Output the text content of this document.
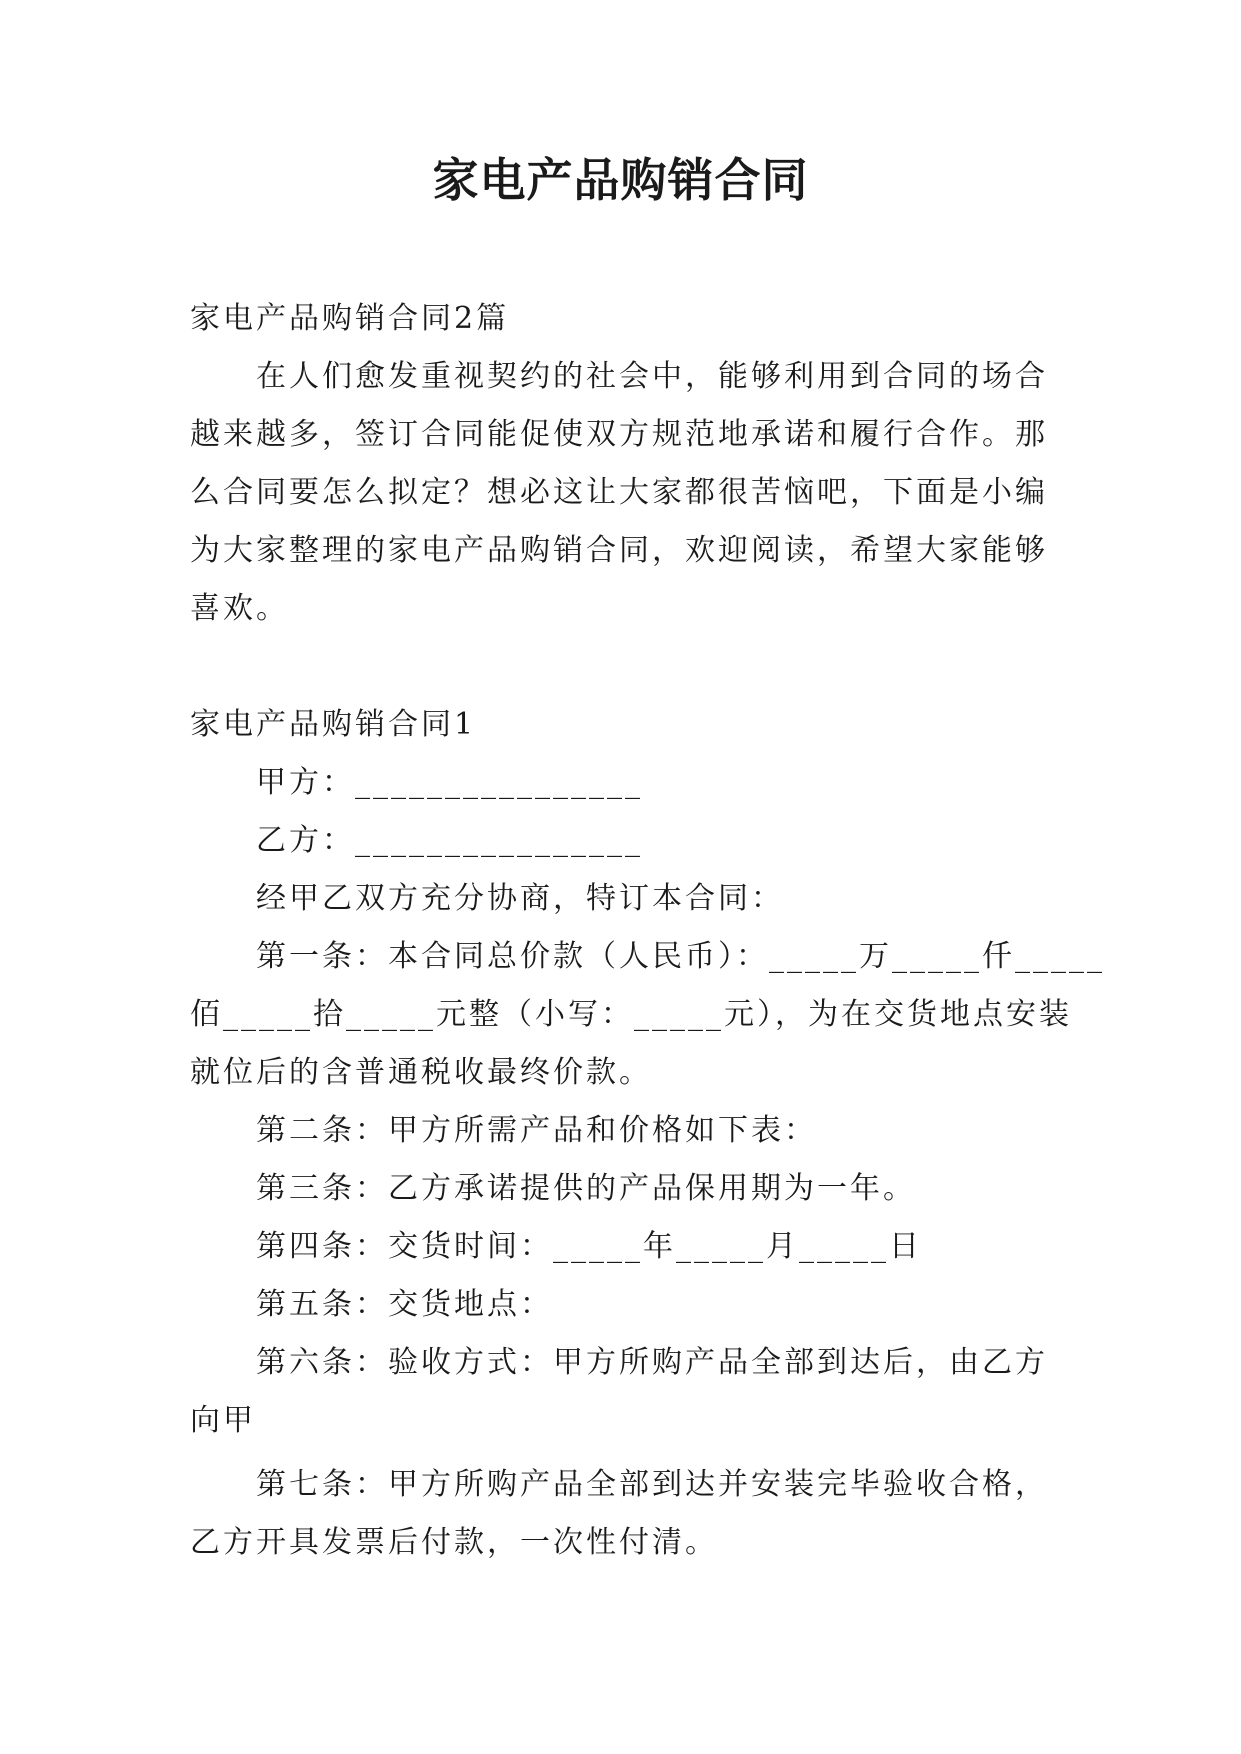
家电产品购销合同
家电产品购销合同2篇
在人们愈发重视契约的社会中，能够利用到合同的场合
越来越多，签订合同能促使双方规范地承诺和履行合作。那
么合同要怎么拟定？想必这让大家都很苦恼吧，下面是小编
为大家整理的家电产品购销合同，欢迎阅读，希望大家能够
喜欢。
家电产品购销合同1
甲方：________________
乙方：________________
经甲乙双方充分协商，特订本合同：
第一条：本合同总价款（人民币）：_____万_____仟_____
佰_____拾_____元整（小写：_____元），为在交货地点安装
就位后的含普通税收最终价款。
第二条：甲方所需产品和价格如下表：
第三条：乙方承诺提供的产品保用期为一年。
第四条：交货时间：_____年_____月_____日
第五条：交货地点：
第六条：验收方式：甲方所购产品全部到达后，由乙方
向甲
第七条：甲方所购产品全部到达并安装完毕验收合格，
乙方开具发票后付款，一次性付清。
